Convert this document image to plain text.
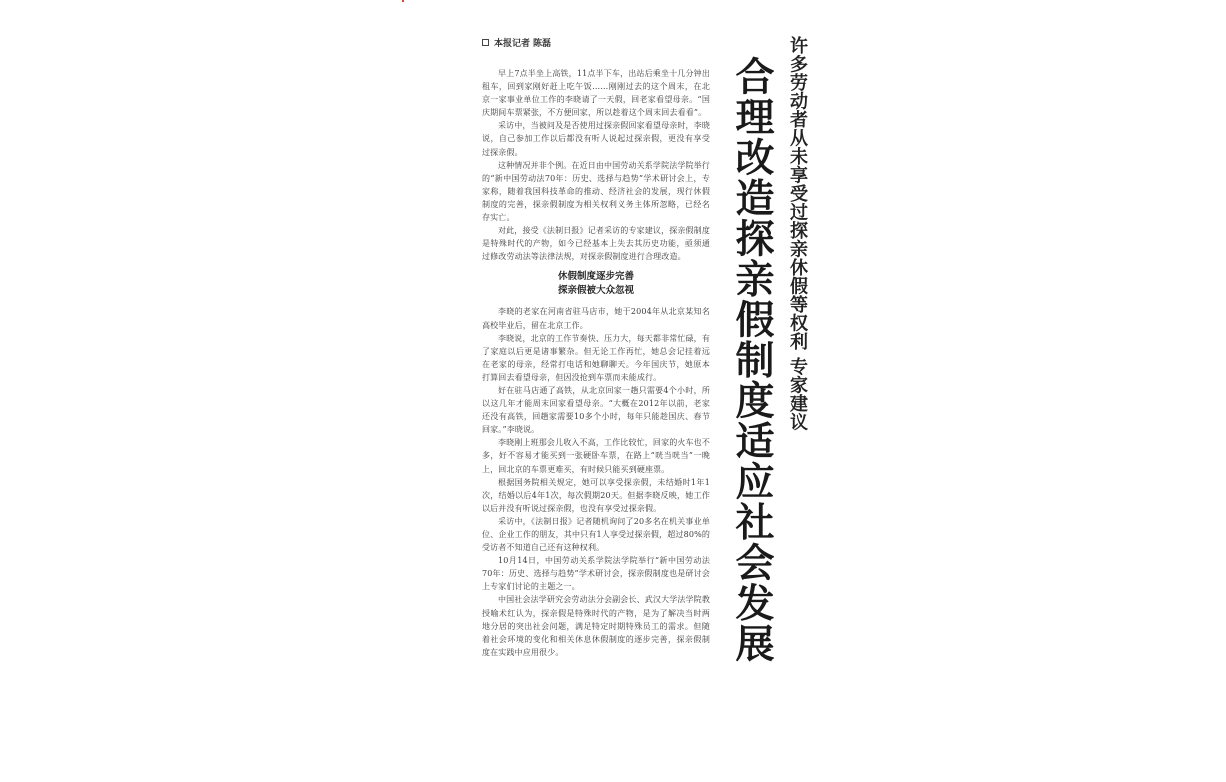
本报记者 陈磊

早上7点半坐上高铁，11点半下车，出站后乘坐十几分钟出租车，回到家刚好赶上吃午饭……刚刚过去的这个周末，在北京一家事业单位工作的李晓请了一天假，回老家看望母亲。“国庆期间车票紧张，不方便回家，所以趁着这个周末回去看看”。

采访中，当被问及是否使用过探亲假回家看望母亲时，李晓说，自己参加工作以后都没有听人说起过探亲假，更没有享受过探亲假。

这种情况并非个例。在近日由中国劳动关系学院法学院举行的“新中国劳动法70年：历史、选择与趋势”学术研讨会上，专家称，随着我国科技革命的推动、经济社会的发展，现行休假制度的完善，探亲假制度为相关权利义务主体所忽略，已经名存实亡。

对此，接受《法制日报》记者采访的专家建议，探亲假制度是特殊时代的产物，如今已经基本上失去其历史功能，亟须通过修改劳动法等法律法规，对探亲假制度进行合理改造。

休假制度逐步完善
探亲假被大众忽视

李晓的老家在河南省驻马店市，她于2004年从北京某知名高校毕业后，留在北京工作。

李晓说，北京的工作节奏快、压力大，每天都非常忙碌，有了家庭以后更是诸事繁杂。但无论工作再忙，她总会记挂着远在老家的母亲，经常打电话和她聊聊天。今年国庆节，她原本打算回去看望母亲，但因没抢到车票而未能成行。

好在驻马店通了高铁，从北京回家一趟只需要4个小时，所以这几年才能周末回家看望母亲。“大概在2012年以前，老家还没有高铁，回趟家需要10多个小时，每年只能趁国庆、春节回家。”李晓说。

李晓刚上班那会儿收入不高，工作比较忙，回家的火车也不多，好不容易才能买到一张硬卧车票，在路上“咣当咣当”一晚上，回北京的车票更难买，有时候只能买到硬座票。

根据国务院相关规定，她可以享受探亲假，未结婚时1年1次，结婚以后4年1次，每次假期20天。但据李晓反映，她工作以后并没有听说过探亲假，也没有享受过探亲假。

采访中，《法制日报》记者随机询问了20多名在机关事业单位、企业工作的朋友，其中只有1人享受过探亲假，超过80%的受访者不知道自己还有这种权利。

10月14日，中国劳动关系学院法学院举行“新中国劳动法70年：历史、选择与趋势”学术研讨会，探亲假制度也是研讨会上专家们讨论的主题之一。

中国社会法学研究会劳动法分会副会长、武汉大学法学院教授喻术红认为，探亲假是特殊时代的产物，是为了解决当时两地分居的突出社会问题，满足特定时期特殊员工的需求。但随着社会环境的变化和相关休息休假制度的逐步完善，探亲假制度在实践中应用很少。

许多劳动者从未享受过探亲休假等权利 专家建议
合理改造探亲假制度适应社会发展
